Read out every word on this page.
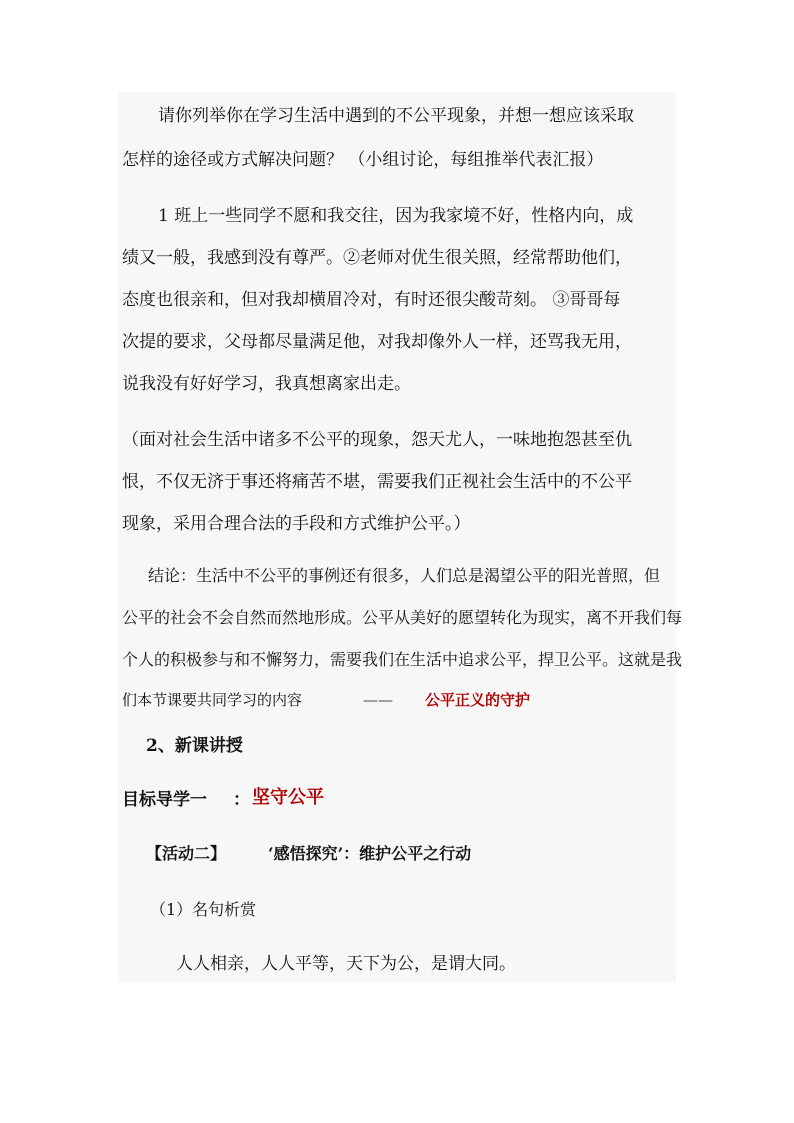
请你列举你在学习生活中遇到的不公平现象，并想一想应该采取
怎样的途径或方式解决问题？ （小组讨论，每组推举代表汇报）
1 班上一些同学不愿和我交往，因为我家境不好，性格内向，成
绩又一般，我感到没有尊严。②老师对优生很关照，经常帮助他们，
态度也很亲和，但对我却横眉冷对，有时还很尖酸苛刻。 ③哥哥每
次提的要求，父母都尽量满足他，对我却像外人一样，还骂我无用，
说我没有好好学习，我真想离家出走。
（面对社会生活中诸多不公平的现象，怨天尤人，一味地抱怨甚至仇
恨，不仅无济于事还将痛苦不堪，需要我们正视社会生活中的不公平
现象，采用合理合法的手段和方式维护公平。）
结论：生活中不公平的事例还有很多，人们总是渴望公平的阳光普照，但
公平的社会不会自然而然地形成。公平从美好的愿望转化为现实，离不开我们每
个人的积极参与和不懈努力，需要我们在生活中追求公平，捍卫公平。这就是我
们本节课要共同学习的内容	—— 公平正义的守护
2、新课讲授
目标导学一 ： 坚守公平
【活动二】	‘感悟探究’：维护公平之行动
（1）名句析赏
人人相亲，人人平等，天下为公，是谓大同。
